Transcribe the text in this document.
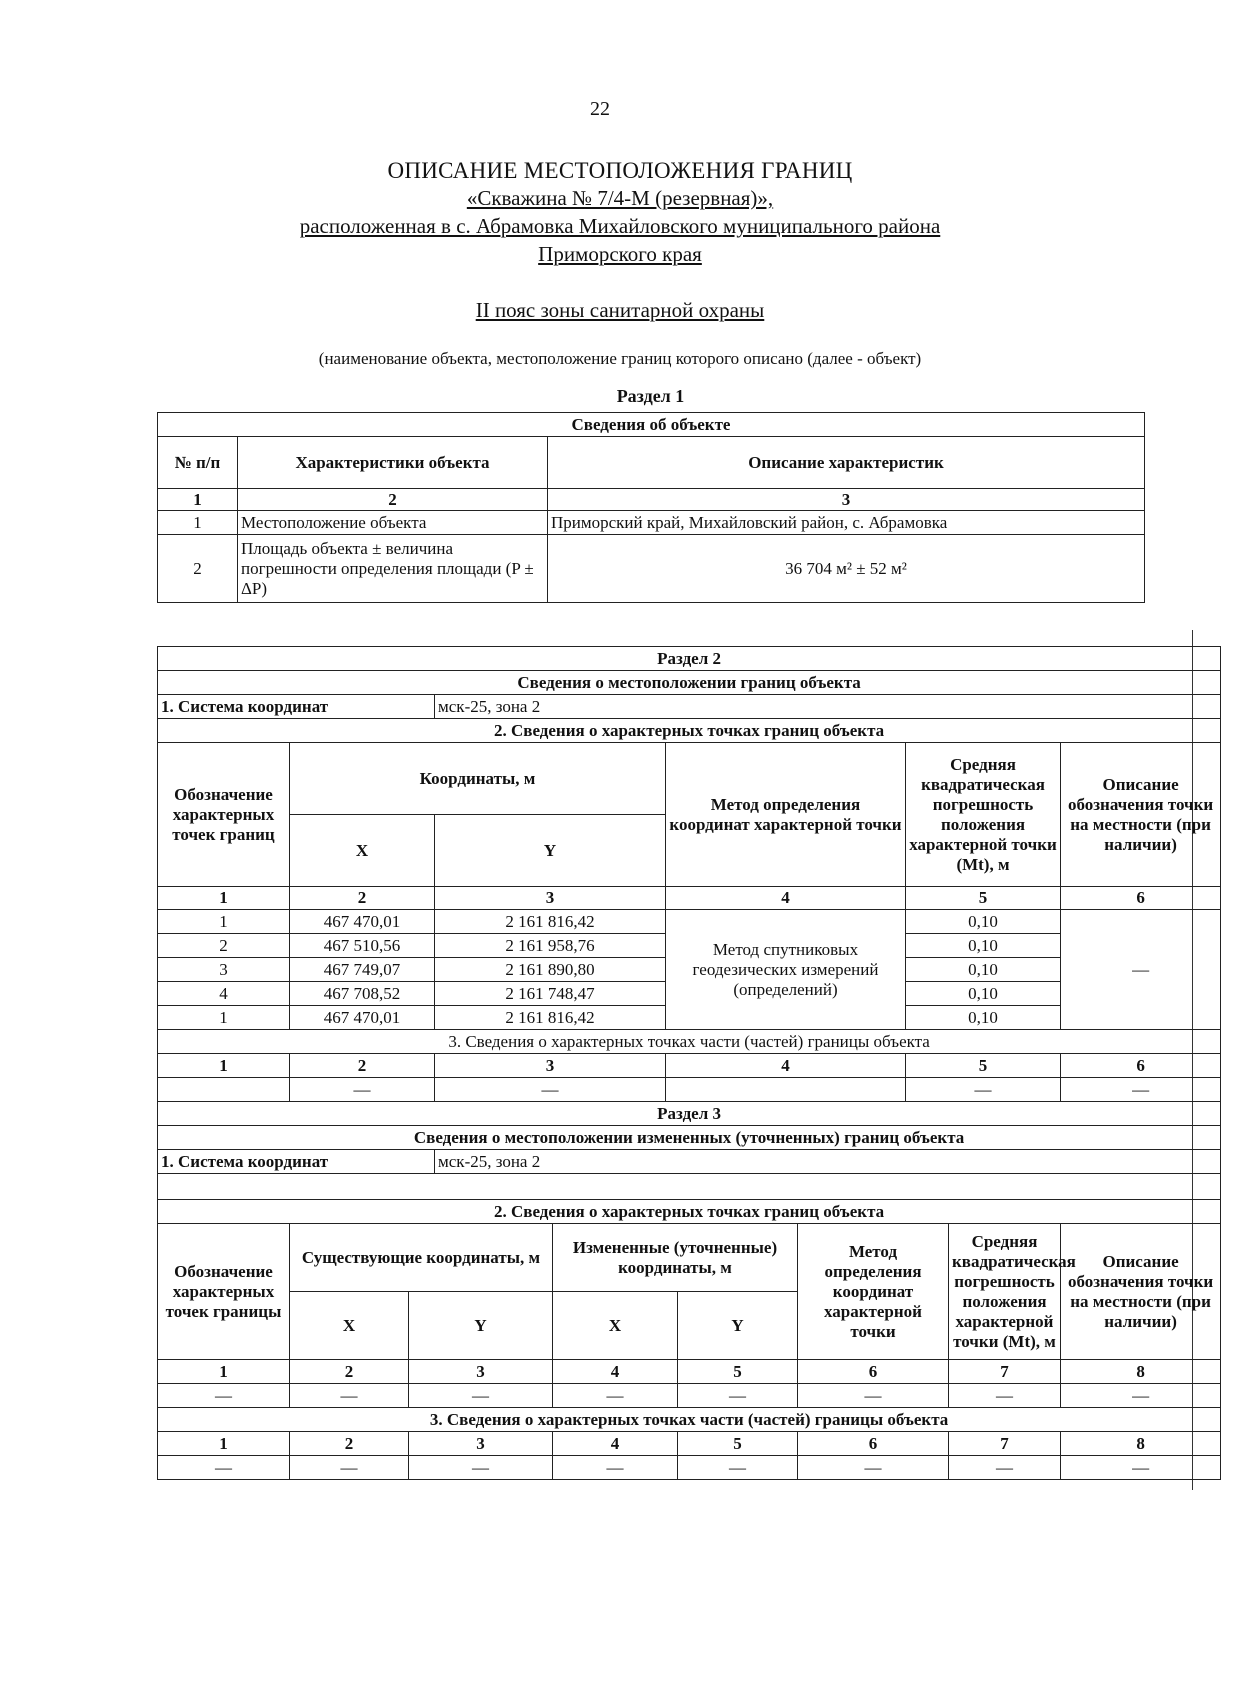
22
ОПИСАНИЕ МЕСТОПОЛОЖЕНИЯ ГРАНИЦ
«Скважина № 7/4-М (резервная)»,
расположенная в с. Абрамовка Михайловского муниципального района
Приморского края
II пояс зоны санитарной охраны
(наименование объекта, местоположение границ которого описано (далее - объект)
Раздел 1
Сведения об объекте		
№ п/п	Характеристики объекта	Описание характеристик
1	2	3
1	Местоположение объекта	Приморский край, Михайловский район, с. Абрамовка
2	Площадь объекта ± величина погрешности определения площади (P ± ΔP)	36 704 м² ± 52 м²
Раздел 2										
Сведения о местоположении границ объекта										
1. Система координат			мск-25, зона 2							
2. Сведения о характерных точках границ объекта										
Обозначение характерных точек границ	Координаты, м				Метод определения координат характерной точки			Средняя квадратическая погрешность положения характерной точки (Mt), м		Описание обозначения точки на местности (при наличии)
	X		Y							
1	2		3		4			5		6
1	467 470,01		2 161 816,42		Метод спутниковых геодезических измерений (определений)			0,10		—
2	467 510,56		2 161 958,76					0,10		
3	467 749,07		2 161 890,80					0,10		
4	467 708,52		2 161 748,47					0,10		
1	467 470,01		2 161 816,42					0,10		
3. Сведения о характерных точках части (частей) границы объекта										
1	2		3		4			5		6
	—		—					—		—
Раздел 3										
Сведения о местоположении измененных (уточненных) границ объекта										
1. Система координат			мск-25, зона 2							

2. Сведения о характерных точках границ объекта										
Обозначение характерных точек границы	Существующие координаты, м			Измененные (уточненные) координаты, м			Метод определения координат характерной точки		Средняя квадратическая погрешность положения характерной точки (Mt), м	Описание обозначения точки на местности (при наличии)
	X	Y		X		Y				
1	2	3		4		5	6		7	8
—	—	—		—		—	—		—	—
3. Сведения о характерных точках части (частей) границы объекта										
1	2	3		4		5	6		7	8
—	—	—		—		—	—		—	—
